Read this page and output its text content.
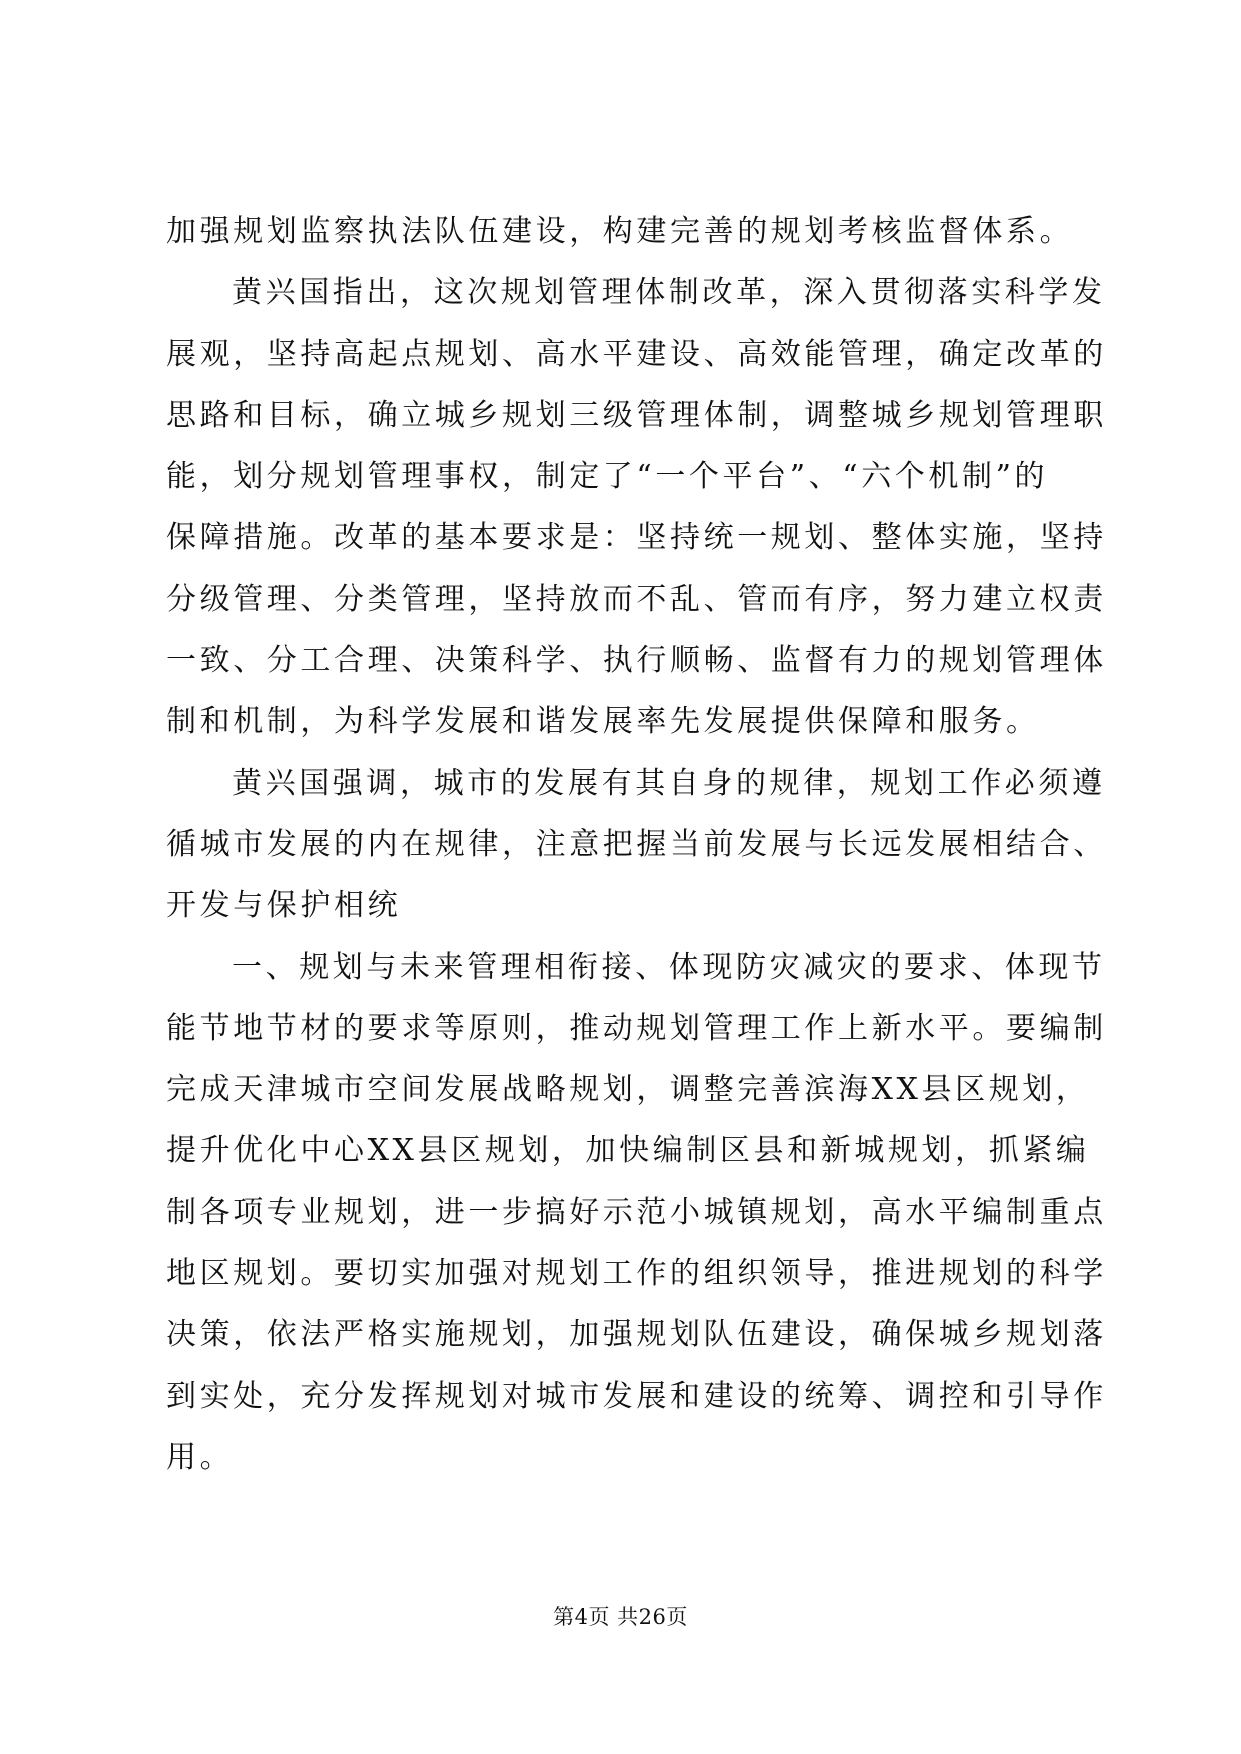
加强规划监察执法队伍建设，构建完善的规划考核监督体系。
黄兴国指出，这次规划管理体制改革，深入贯彻落实科学发
展观，坚持高起点规划、高水平建设、高效能管理，确定改革的
思路和目标，确立城乡规划三级管理体制，调整城乡规划管理职
能，划分规划管理事权，制定了“一个平台”、“六个机制”的
保障措施。改革的基本要求是：坚持统一规划、整体实施，坚持
分级管理、分类管理，坚持放而不乱、管而有序，努力建立权责
一致、分工合理、决策科学、执行顺畅、监督有力的规划管理体
制和机制，为科学发展和谐发展率先发展提供保障和服务。
黄兴国强调，城市的发展有其自身的规律，规划工作必须遵
循城市发展的内在规律，注意把握当前发展与长远发展相结合、
开发与保护相统
一、规划与未来管理相衔接、体现防灾减灾的要求、体现节
能节地节材的要求等原则，推动规划管理工作上新水平。要编制
完成天津城市空间发展战略规划，调整完善滨海XX县区规划，
提升优化中心XX县区规划，加快编制区县和新城规划，抓紧编
制各项专业规划，进一步搞好示范小城镇规划，高水平编制重点
地区规划。要切实加强对规划工作的组织领导，推进规划的科学
决策，依法严格实施规划，加强规划队伍建设，确保城乡规划落
到实处，充分发挥规划对城市发展和建设的统筹、调控和引导作
用。
第4页 共26页
